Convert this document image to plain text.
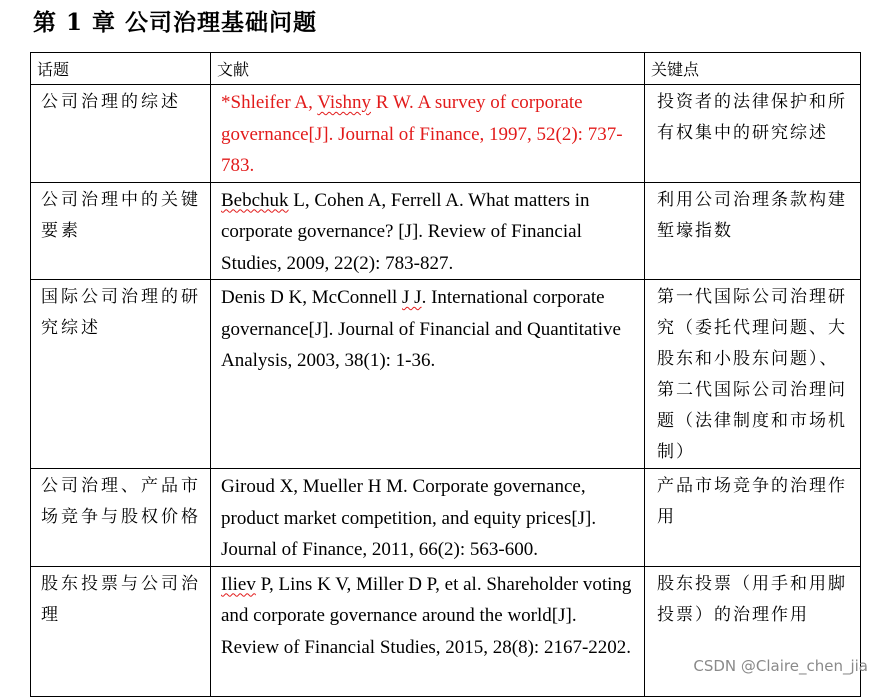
第 1 章 公司治理基础问题
话题	文献	关键点
公司治理的综述	*Shleifer A, Vishny R W. A survey of corporate governance[J]. Journal of Finance, 1997, 52(2): 737-783.	投资者的法律保护和所有权集中的研究综述
公司治理中的关键要素	Bebchuk L, Cohen A, Ferrell A. What matters in corporate governance? [J]. Review of Financial Studies, 2009, 22(2): 783-827.	利用公司治理条款构建堑壕指数
国际公司治理的研究综述	Denis D K, McConnell J J. International corporate governance[J]. Journal of Financial and Quantitative Analysis, 2003, 38(1): 1-36.	第一代国际公司治理研究（委托代理问题、大股东和小股东问题）、第二代国际公司治理问题（法律制度和市场机制）
公司治理、产品市场竞争与股权价格	Giroud X, Mueller H M. Corporate governance, product market competition, and equity prices[J]. Journal of Finance, 2011, 66(2): 563-600.	产品市场竞争的治理作用
股东投票与公司治理	Iliev P, Lins K V, Miller D P, et al. Shareholder voting and corporate governance around the world[J]. Review of Financial Studies, 2015, 28(8): 2167-2202.	股东投票（用手和用脚投票）的治理作用
CSDN @Claire_chen_jia
